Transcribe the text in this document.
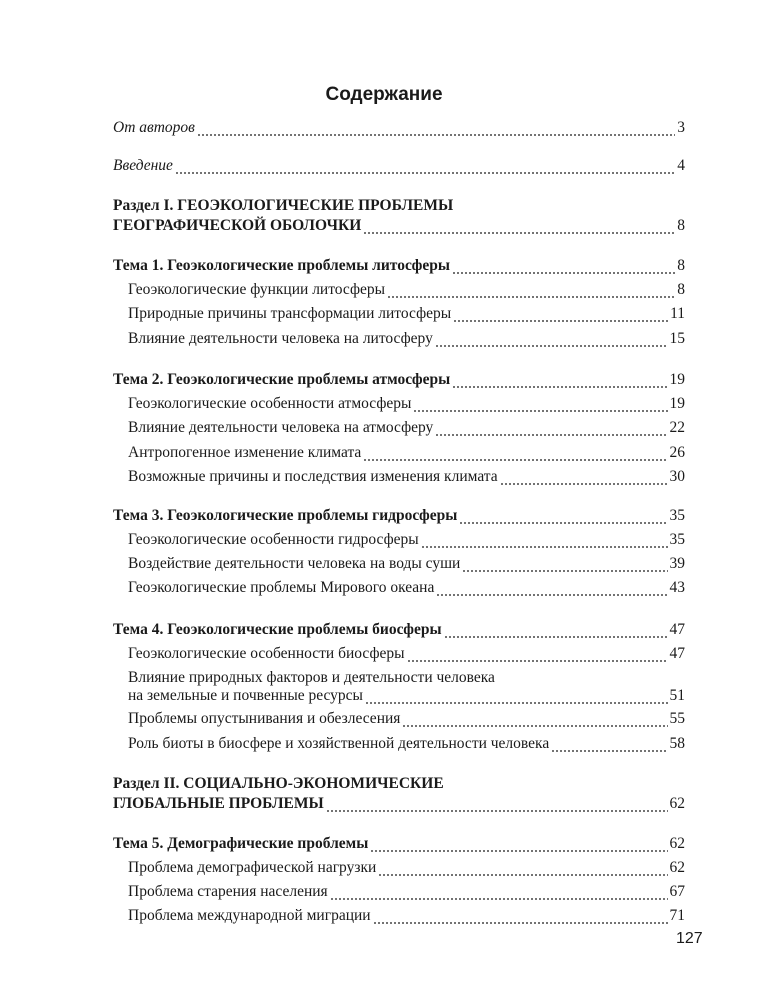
Содержание
От авторов	3
Введение	4
Раздел I. ГЕОЭКОЛОГИЧЕСКИЕ ПРОБЛЕМЫ
ГЕОГРАФИЧЕСКОЙ ОБОЛОЧКИ	8
Тема 1. Геоэкологические проблемы литосферы	8
Геоэкологические функции литосферы	8
Природные причины трансформации литосферы	11
Влияние деятельности человека на литосферу	15
Тема 2. Геоэкологические проблемы атмосферы	19
Геоэкологические особенности атмосферы	19
Влияние деятельности человека на атмосферу	22
Антропогенное изменение климата	26
Возможные причины и последствия изменения климата	30
Тема 3. Геоэкологические проблемы гидросферы	35
Геоэкологические особенности гидросферы	35
Воздействие деятельности человека на воды суши	39
Геоэкологические проблемы Мирового океана	43
Тема 4. Геоэкологические проблемы биосферы	47
Геоэкологические особенности биосферы	47
Влияние природных факторов и деятельности человека
на земельные и почвенные ресурсы	51
Проблемы опустынивания и обезлесения	55
Роль биоты в биосфере и хозяйственной деятельности человека	58
Раздел II. СОЦИАЛЬНО-ЭКОНОМИЧЕСКИЕ
ГЛОБАЛЬНЫЕ ПРОБЛЕМЫ	62
Тема 5. Демографические проблемы	62
Проблема демографической нагрузки	62
Проблема старения населения	67
Проблема международной миграции	71
127
